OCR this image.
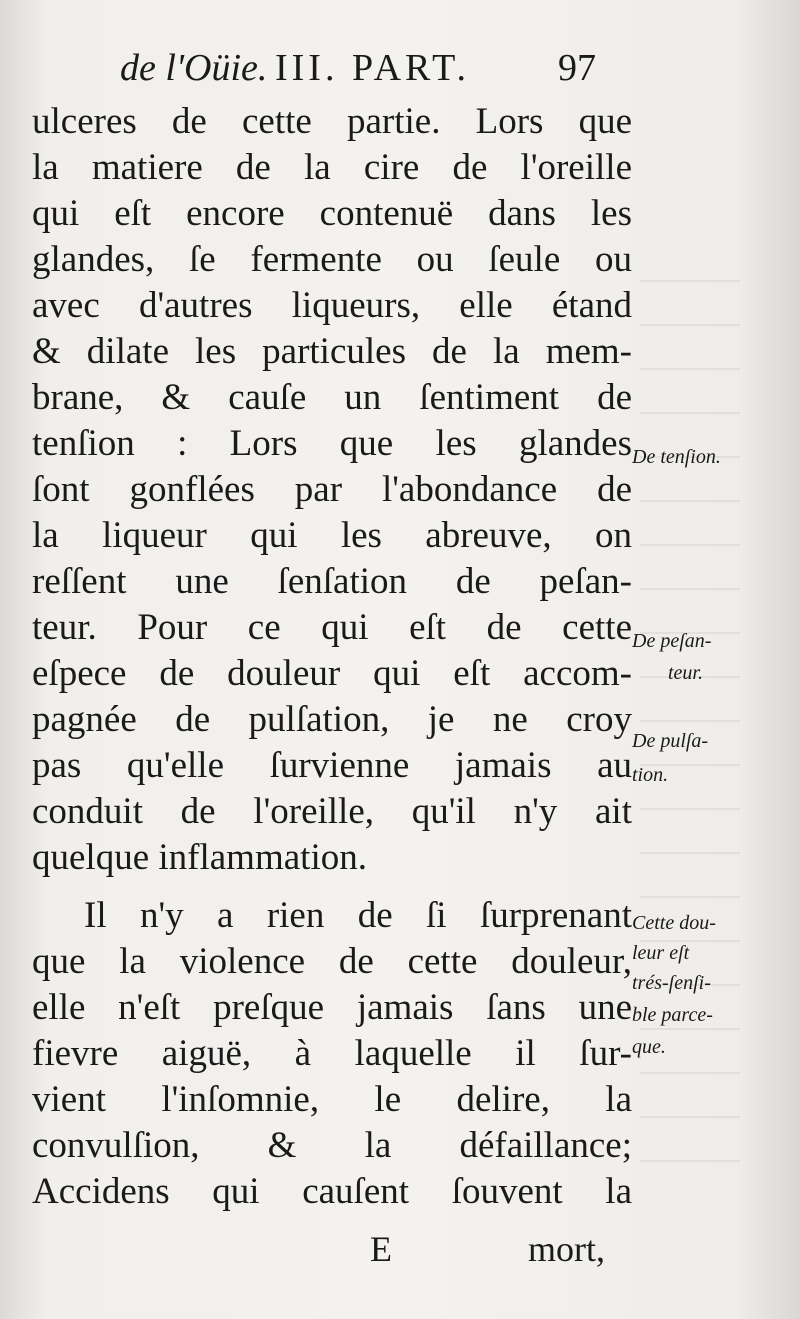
de l'Oüie. III. PART. 97
ulceres de cette partie. Lors que
la matiere de la cire de l'oreille
qui eſt encore contenuë dans les
glandes, ſe fermente ou ſeule ou
avec d'autres liqueurs, elle étand
& dilate les particules de la mem-
brane, & cauſe un ſentiment de
tenſion : Lors que les glandes
ſont gonflées par l'abondance de
la liqueur qui les abreuve, on
reſſent une ſenſation de peſan-
teur. Pour ce qui eſt de cette
eſpece de douleur qui eſt accom-
pagnée de pulſation, je ne croy
pas qu'elle ſurvienne jamais au
conduit de l'oreille, qu'il n'y ait
quelque inflammation.
Il n'y a rien de ſi ſurprenant
que la violence de cette douleur,
elle n'eſt preſque jamais ſans une
fievre aiguë, à laquelle il ſur-
vient l'inſomnie, le delire, la
convulſion, & la défaillance;
Accidens qui cauſent ſouvent la
De tenſion.
De peſan-
teur.
De pulſa-
tion.
Cette dou-
leur eſt
trés-ſenſi-
ble parce-
que.
E	mort,
